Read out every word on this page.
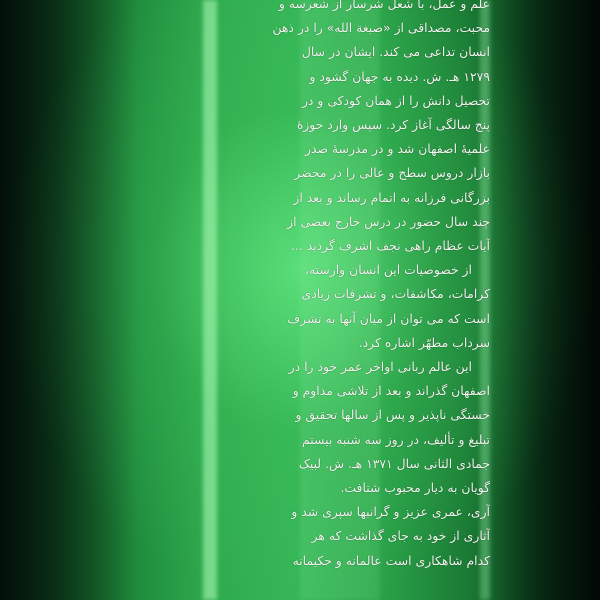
علم و عمل، با شعل شرسار از شعرسه و
محبت، مصداقی از «صبغة الله» را در ذهن
انسان تداعی می کند. ایشان در سال
۱۲۷۹ هـ. ش. دیده به جهان گشود و
تحصیل دانش را از همان کودکی و در
پنج سالگی آغاز کرد. سپس وارد حوزۀ
علمیۀ اصفهان شد و در مدرسۀ صدر
بازار دروس سطح و عالی را در محضر
بزرگانی فرزانه به اتمام رساند و بعد از
چند سال حضور در درس خارج بعضی از
آیات عظام راهی نجف اشرف گردید ...

از خصوصیات این انسان وارسته،
کرامات، مکاشفات، و تشرفات زیادی
است که می توان از میان آنها به تشرف
سرداب مطهّر اشاره کرد.

این عالم ربانی اواخر عمر خود را در
اصفهان گذراند و بعد از تلاشی مداوم و
خستگی ناپذیر و پس از سالها تحقیق و
تبلیغ و تألیف، در روز سه شنبه بیستم
جمادی الثانی سال ۱۳۷۱ هـ. ش. لبیک
گویان به دیار محبوب شتافت.
آری، عمری عزیز و گرانبها سپری شد و
آثاری از خود به جای گذاشت که هر
کدام شاهکاری است عالمانه و حکیمانه
